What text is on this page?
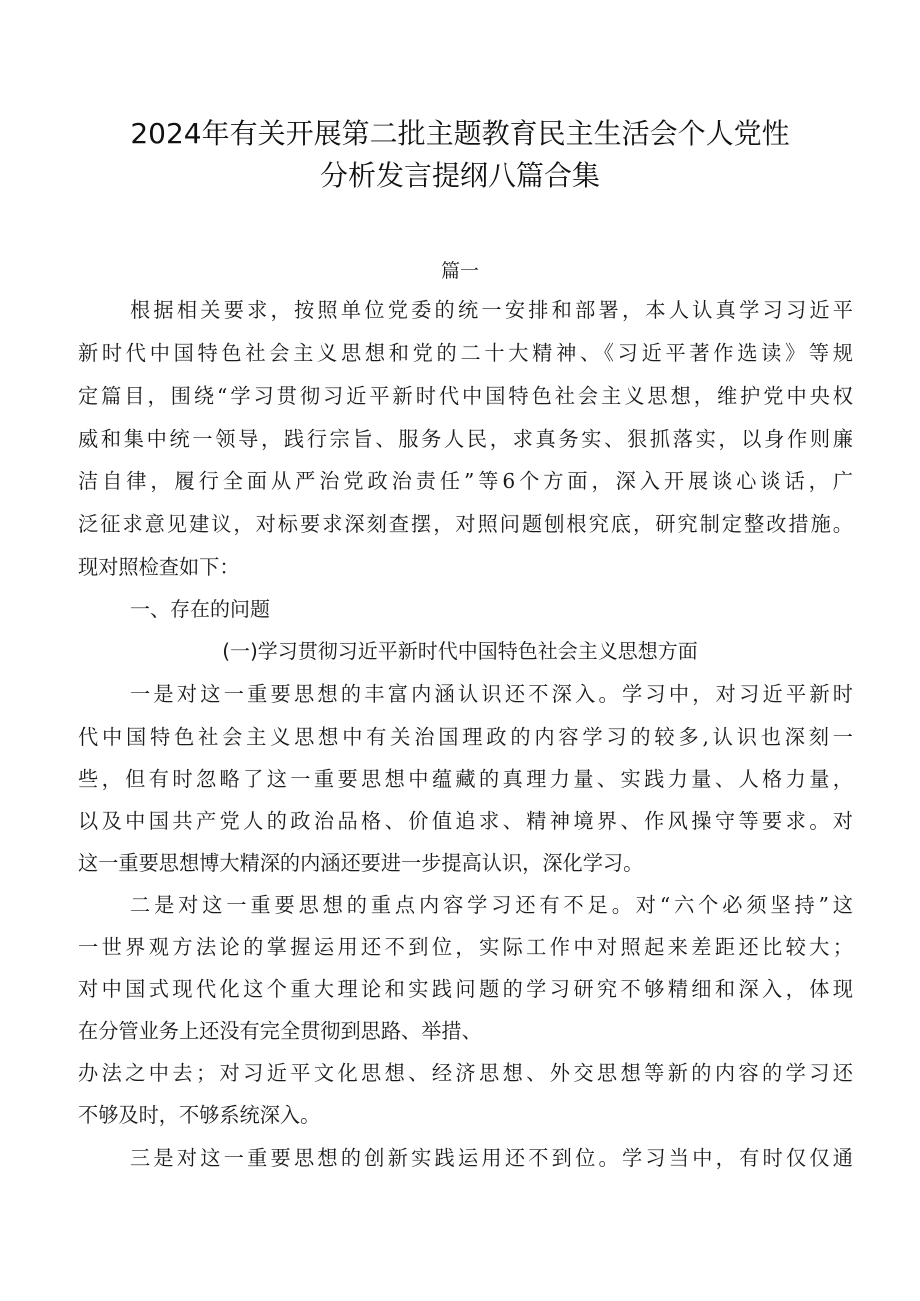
2024年有关开展第二批主题教育民主生活会个人党性
分析发言提纲八篇合集
篇一
根据相关要求，按照单位党委的统一安排和部署，本人认真学习习近平
新时代中国特色社会主义思想和党的二十大精神、《习近平著作选读》等规
定篇目，围绕“学习贯彻习近平新时代中国特色社会主义思想，维护党中央权
威和集中统一领导，践行宗旨、服务人民，求真务实、狠抓落实，以身作则廉
洁自律，履行全面从严治党政治责任”等6个方面，深入开展谈心谈话，广
泛征求意见建议，对标要求深刻查摆，对照问题刨根究底，研究制定整改措施。
现对照检查如下：
一、存在的问题
(一)学习贯彻习近平新时代中国特色社会主义思想方面
一是对这一重要思想的丰富内涵认识还不深入。学习中，对习近平新时
代中国特色社会主义思想中有关治国理政的内容学习的较多,认识也深刻一
些，但有时忽略了这一重要思想中蕴藏的真理力量、实践力量、人格力量，
以及中国共产党人的政治品格、价值追求、精神境界、作风操守等要求。对
这一重要思想博大精深的内涵还要进一步提高认识，深化学习。
二是对这一重要思想的重点内容学习还有不足。对“六个必须坚持”这
一世界观方法论的掌握运用还不到位，实际工作中对照起来差距还比较大；
对中国式现代化这个重大理论和实践问题的学习研究不够精细和深入，体现
在分管业务上还没有完全贯彻到思路、举措、
办法之中去；对习近平文化思想、经济思想、外交思想等新的内容的学习还
不够及时，不够系统深入。
三是对这一重要思想的创新实践运用还不到位。学习当中，有时仅仅通
